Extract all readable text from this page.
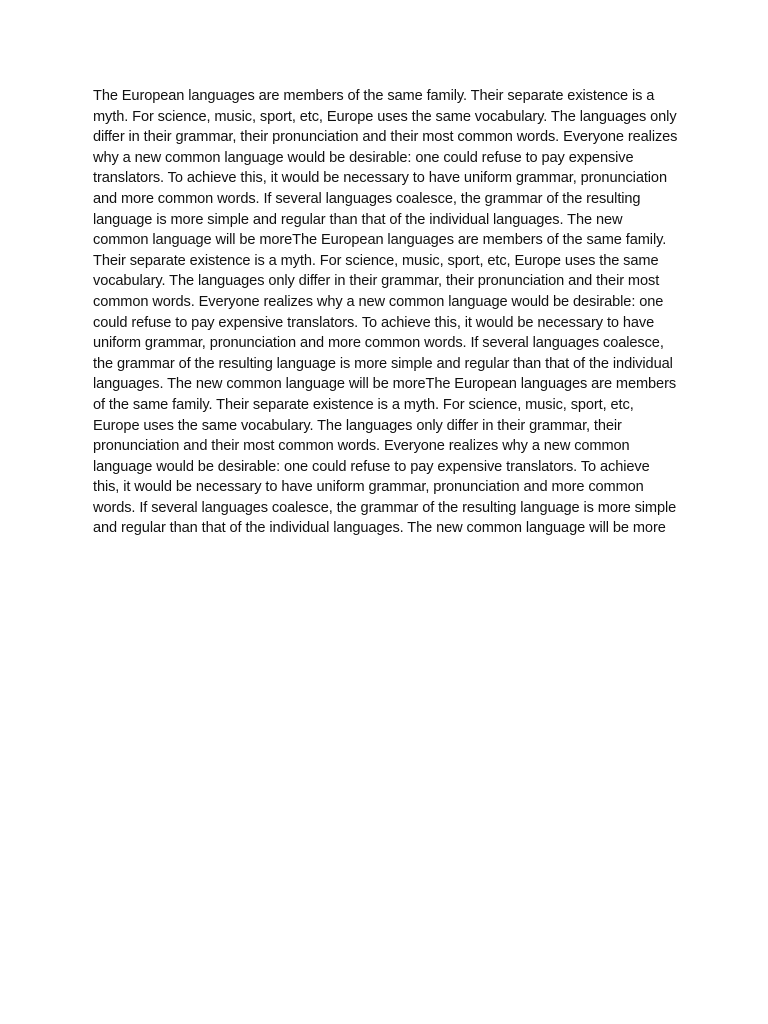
The European languages are members of the same family. Their separate existence is a myth. For science, music, sport, etc, Europe uses the same vocabulary. The languages only differ in their grammar, their pronunciation and their most common words. Everyone realizes why a new common language would be desirable: one could refuse to pay expensive translators. To achieve this, it would be necessary to have uniform grammar, pronunciation and more common words. If several languages coalesce, the grammar of the resulting language is more simple and regular than that of the individual languages. The new common language will be moreThe European languages are members of the same family. Their separate existence is a myth. For science, music, sport, etc, Europe uses the same vocabulary. The languages only differ in their grammar, their pronunciation and their most common words. Everyone realizes why a new common language would be desirable: one could refuse to pay expensive translators. To achieve this, it would be necessary to have uniform grammar, pronunciation and more common words. If several languages coalesce, the grammar of the resulting language is more simple and regular than that of the individual languages. The new common language will be moreThe European languages are members of the same family. Their separate existence is a myth. For science, music, sport, etc, Europe uses the same vocabulary. The languages only differ in their grammar, their pronunciation and their most common words. Everyone realizes why a new common language would be desirable: one could refuse to pay expensive translators. To achieve this, it would be necessary to have uniform grammar, pronunciation and more common words. If several languages coalesce, the grammar of the resulting language is more simple and regular than that of the individual languages. The new common language will be more
